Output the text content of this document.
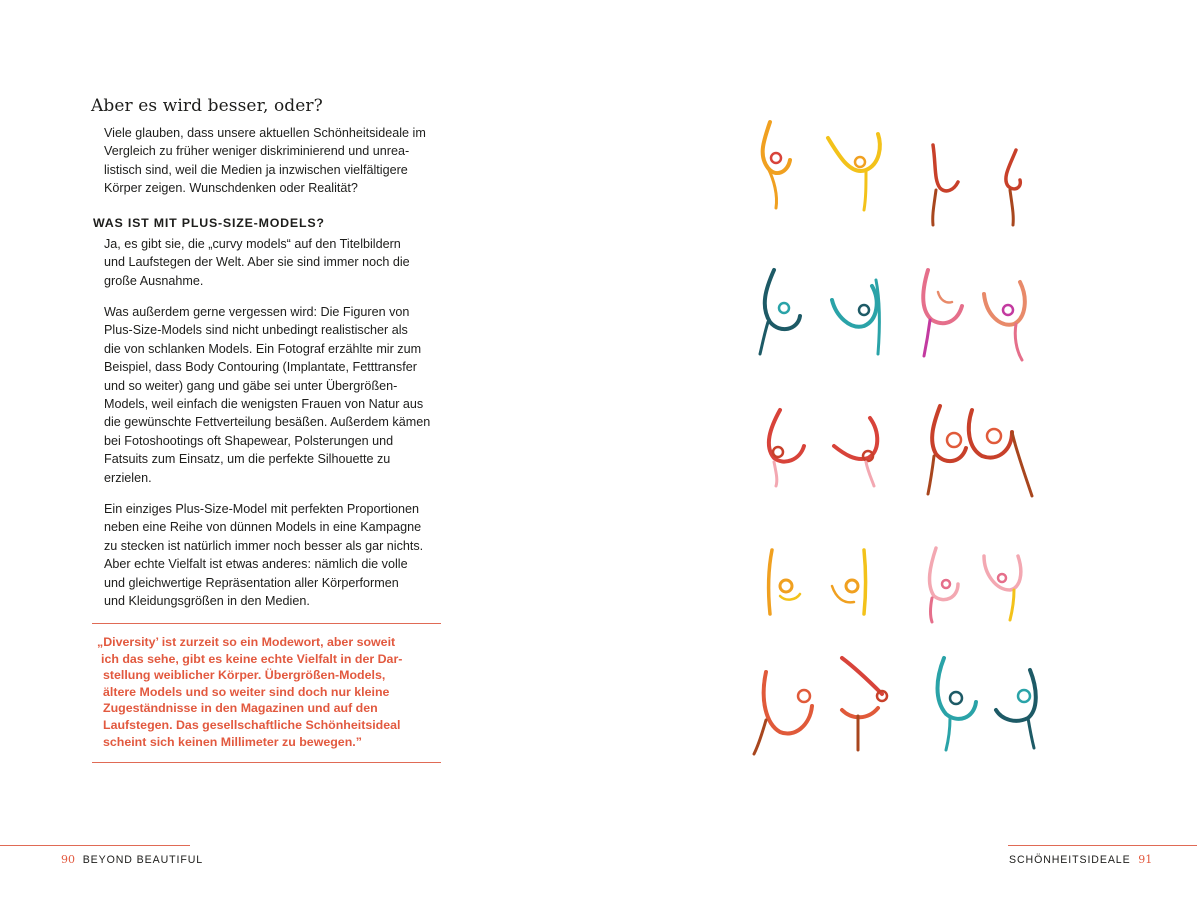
Aber es wird besser, oder?

Viele glauben, dass unsere aktuellen Schönheitsideale im
Vergleich zu früher weniger diskriminierend und unrea-
listisch sind, weil die Medien ja inzwischen vielfältigere
Körper zeigen. Wunschdenken oder Realität?

WAS IST MIT PLUS-SIZE-MODELS?

Ja, es gibt sie, die „curvy models“ auf den Titelbildern
und Laufstegen der Welt. Aber sie sind immer noch die
große Ausnahme.

Was außerdem gerne vergessen wird: Die Figuren von
Plus-Size-Models sind nicht unbedingt realistischer als
die von schlanken Models. Ein Fotograf erzählte mir zum
Beispiel, dass Body Contouring (Implantate, Fetttransfer
und so weiter) gang und gäbe sei unter Übergrößen-
Models, weil einfach die wenigsten Frauen von Natur aus
die gewünschte Fettverteilung besäßen. Außerdem kämen
bei Fotoshootings oft Shapewear, Polsterungen und
Fatsuits zum Einsatz, um die perfekte Silhouette zu
erzielen.

Ein einziges Plus-Size-Model mit perfekten Proportionen
neben eine Reihe von dünnen Models in eine Kampagne
zu stecken ist natürlich immer noch besser als gar nichts.
Aber echte Vielfalt ist etwas anderes: nämlich die volle
und gleichwertige Repräsentation aller Körperformen
und Kleidungsgrößen in den Medien.

„Diversity’ ist zurzeit so ein Modewort, aber soweit
ich das sehe, gibt es keine echte Vielfalt in der Dar-
stellung weiblicher Körper. Übergrößen-Models,
ältere Models und so weiter sind doch nur kleine
Zugeständnisse in den Magazinen und auf den
Laufstegen. Das gesellschaftliche Schönheitsideal
scheint sich keinen Millimeter zu bewegen.”

90 BEYOND BEAUTIFUL	SCHÖNHEITSIDEALE 91
